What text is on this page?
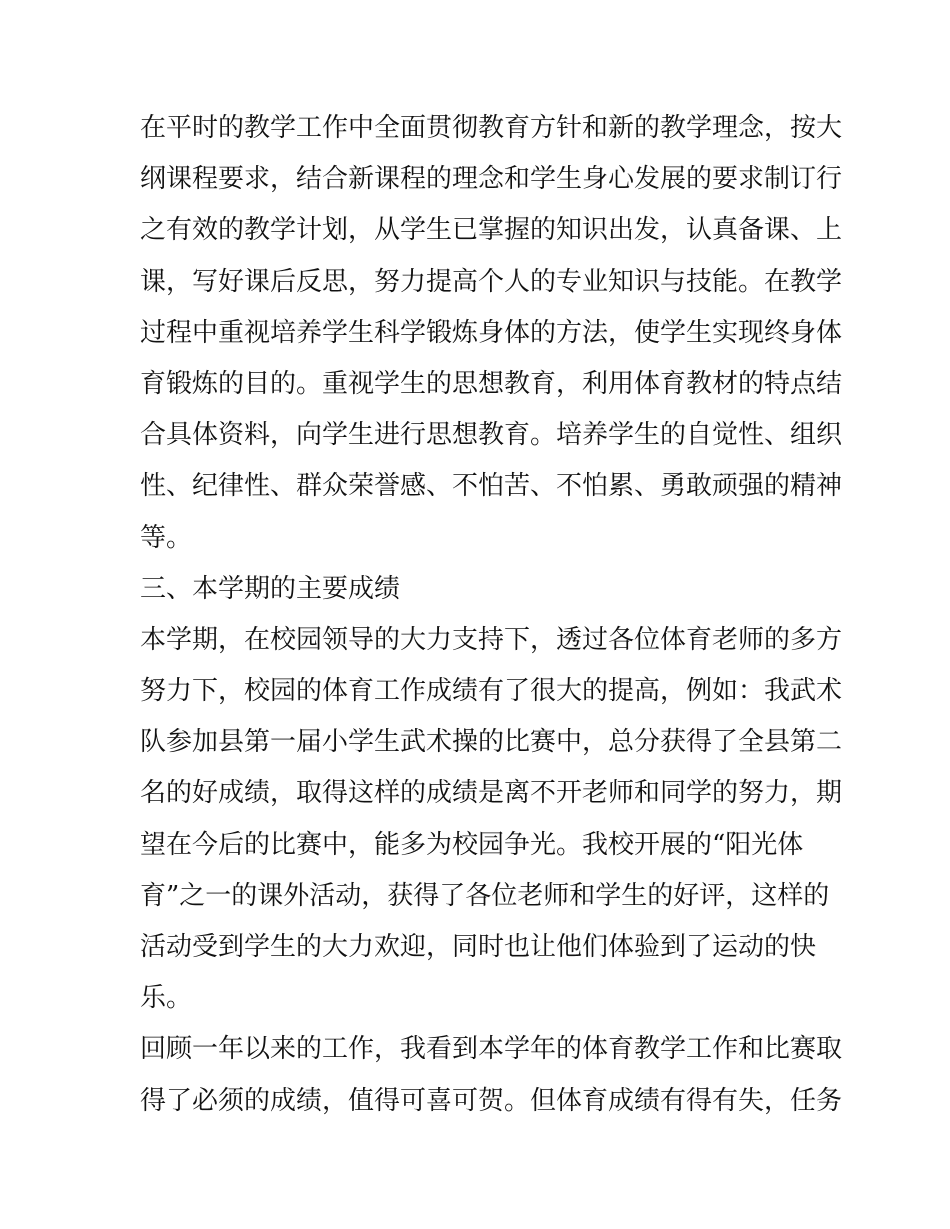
在平时的教学工作中全面贯彻教育方针和新的教学理念，按大
纲课程要求，结合新课程的理念和学生身心发展的要求制订行
之有效的教学计划，从学生已掌握的知识出发，认真备课、上
课，写好课后反思，努力提高个人的专业知识与技能。在教学
过程中重视培养学生科学锻炼身体的方法，使学生实现终身体
育锻炼的目的。重视学生的思想教育，利用体育教材的特点结
合具体资料，向学生进行思想教育。培养学生的自觉性、组织
性、纪律性、群众荣誉感、不怕苦、不怕累、勇敢顽强的精神
等。
三、本学期的主要成绩
本学期，在校园领导的大力支持下，透过各位体育老师的多方
努力下，校园的体育工作成绩有了很大的提高，例如：我武术
队参加县第一届小学生武术操的比赛中，总分获得了全县第二
名的好成绩，取得这样的成绩是离不开老师和同学的努力，期
望在今后的比赛中，能多为校园争光。我校开展的“阳光体
育”之一的课外活动，获得了各位老师和学生的好评，这样的
活动受到学生的大力欢迎，同时也让他们体验到了运动的快
乐。
回顾一年以来的工作，我看到本学年的体育教学工作和比赛取
得了必须的成绩，值得可喜可贺。但体育成绩有得有失，任务
